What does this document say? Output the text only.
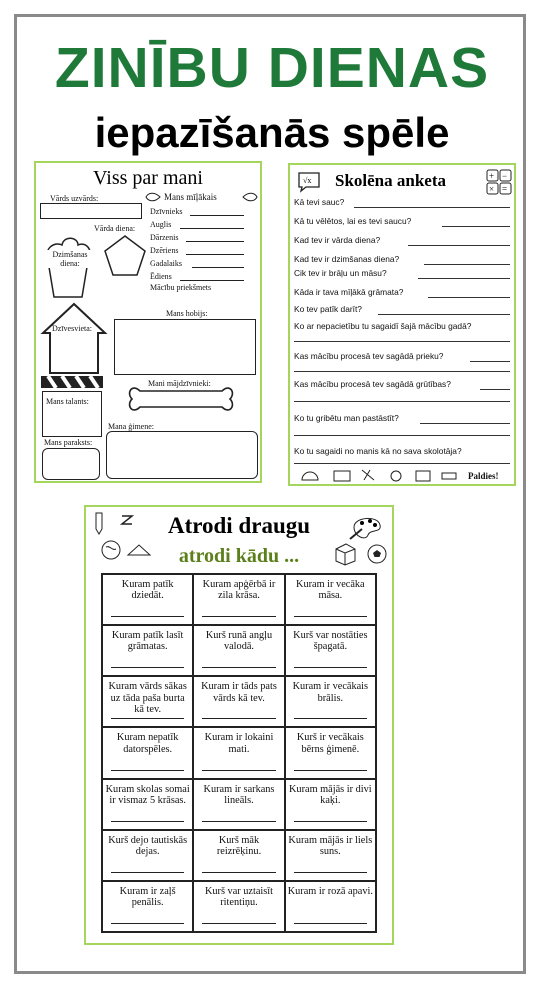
ZINĪBU DIENAS
iepazīšanās spēle
Viss par mani
Vārds uzvārds:	Mans mīļākais
Dzīvnieks
Auglis
Dārzenis
Dzēriens
Gadalaiks
Ēdiens
Mācību priekšmets
Vārda diena:
Dzimšanas diena:
Mans hobijs:
Dzīvesvieta:
Mans talants:
Mani mājdzīvnieki:
Mana ģimene:
Mans paraksts:
√x Skolēna anketa	+ −
× =
Kā tevi sauc?
Kā tu vēlētos, lai es tevi saucu?
Kad tev ir vārda diena?
Kad tev ir dzimšanas diena?
Cik tev ir brāļu un māsu?
Kāda ir tava mīļākā grāmata?
Ko tev patīk darīt?
Ko ar nepacietību tu sagaidī šajā mācību gadā?
Kas mācību procesā tev sagādā prieku?
Kas mācību procesā tev sagādā grūtības?
Ko tu gribētu man pastāstīt?
Ko tu sagaidi no manis kā no sava skolotāja?
Paldies!
Atrodi draugu
atrodi kādu ...
Kuram patīk dziedāt.
Kuram apģērbā ir zila krāsa.
Kuram ir vecāka māsa.
Kuram patīk lasīt grāmatas.
Kurš runā angļu valodā.
Kurš var nostāties špagatā.
Kuram vārds sākas uz tāda paša burta kā tev.
Kuram ir tāds pats vārds kā tev.
Kuram ir vecākais brālis.
Kuram nepatīk datorspēles.
Kuram ir lokaini mati.
Kurš ir vecākais bērns ģimenē.
Kuram skolas somai ir vismaz 5 krāsas.
Kuram ir sarkans lineāls.
Kuram mājās ir divi kaķi.
Kurš dejo tautiskās dejas.
Kurš māk reizrēķinu.
Kuram mājās ir liels suns.
Kuram ir zaļš penālis.
Kurš var uztaisīt ritentiņu.
Kuram ir rozā apavi.
